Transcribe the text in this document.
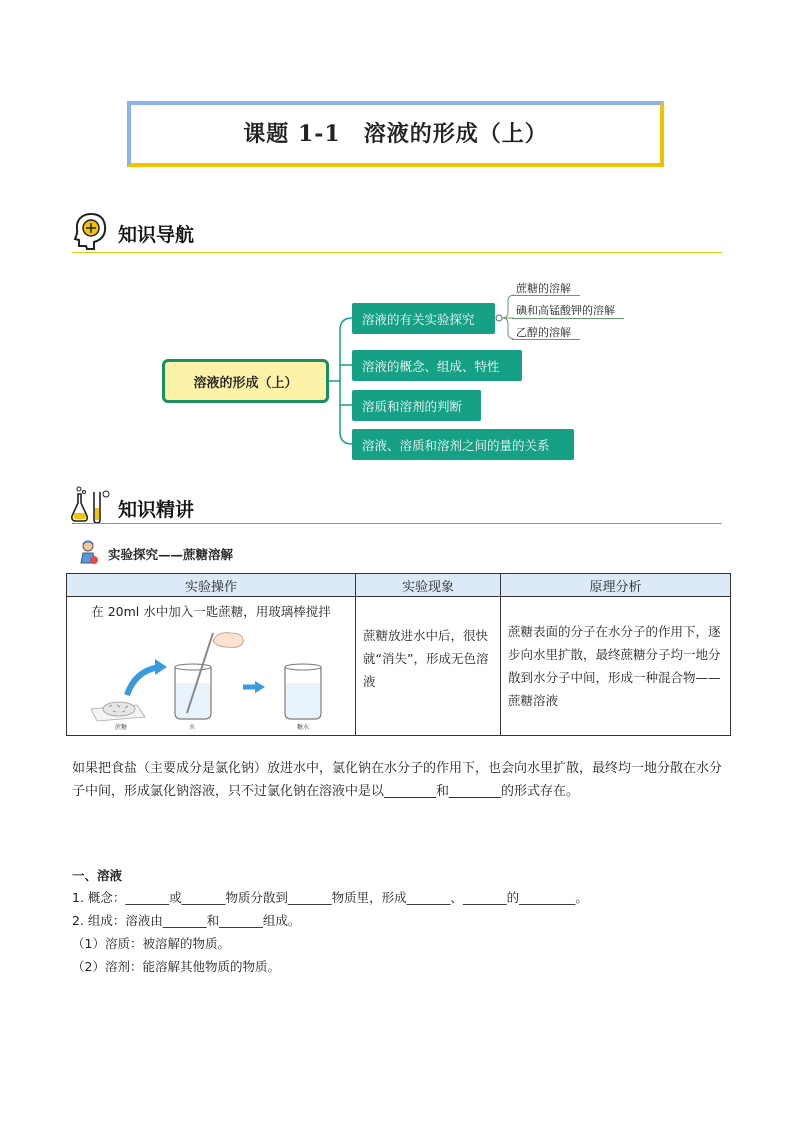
课题 1-1　溶液的形成（上）
知识导航
溶液的形成（上）
溶液的有关实验探究
溶液的概念、组成、特性
溶质和溶剂的判断
溶液、溶质和溶剂之间的量的关系
蔗糖的溶解
碘和高锰酸钾的溶解
乙醇的溶解
知识精讲
实验探究——蔗糖溶解
实验操作	实验现象	原理分析

在 20ml 水中加入一匙蔗糖，用玻璃棒搅拌
蔗糖 水 糖水	蔗糖放进水中后，很快就“消失”，形成无色溶液	蔗糖表面的分子在水分子的作用下，逐步向水里扩散，最终蔗糖分子均一地分散到水分子中间，形成一种混合物——蔗糖溶液
如果把食盐（主要成分是氯化钠）放进水中，氯化钠在水分子的作用下，也会向水里扩散，最终均一地分散在水分子中间，形成氯化钠溶液，只不过氯化钠在溶液中是以________和________的形式存在。
一、溶液
1. 概念：_______或_______物质分散到_______物质里，形成_______、_______的_________。
2. 组成：溶液由_______和_______组成。
（1）溶质：被溶解的物质。
（2）溶剂：能溶解其他物质的物质。
